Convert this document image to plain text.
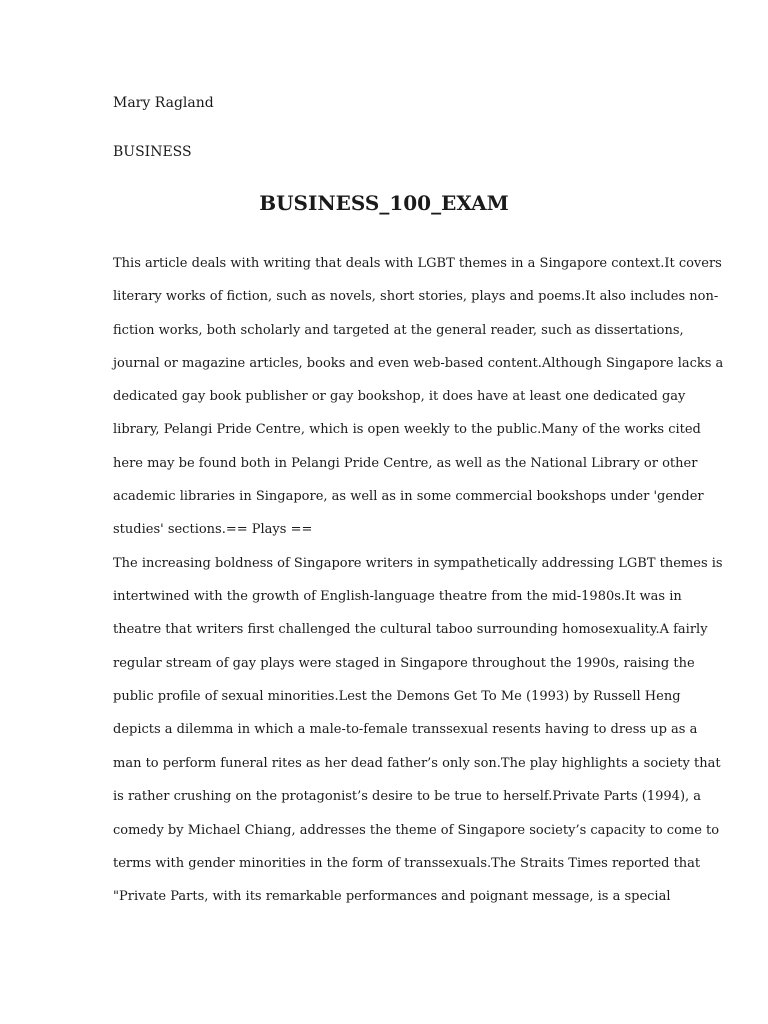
Mary Ragland
BUSINESS
BUSINESS_100_EXAM
This article deals with writing that deals with LGBT themes in a Singapore context.It covers
literary works of fiction, such as novels, short stories, plays and poems.It also includes non-
fiction works, both scholarly and targeted at the general reader, such as dissertations,
journal or magazine articles, books and even web-based content.Although Singapore lacks a
dedicated gay book publisher or gay bookshop, it does have at least one dedicated gay
library, Pelangi Pride Centre, which is open weekly to the public.Many of the works cited
here may be found both in Pelangi Pride Centre, as well as the National Library or other
academic libraries in Singapore, as well as in some commercial bookshops under 'gender
studies' sections.== Plays ==
The increasing boldness of Singapore writers in sympathetically addressing LGBT themes is
intertwined with the growth of English-language theatre from the mid-1980s.It was in
theatre that writers first challenged the cultural taboo surrounding homosexuality.A fairly
regular stream of gay plays were staged in Singapore throughout the 1990s, raising the
public profile of sexual minorities.Lest the Demons Get To Me (1993) by Russell Heng
depicts a dilemma in which a male-to-female transsexual resents having to dress up as a
man to perform funeral rites as her dead father’s only son.The play highlights a society that
is rather crushing on the protagonist’s desire to be true to herself.Private Parts (1994), a
comedy by Michael Chiang, addresses the theme of Singapore society’s capacity to come to
terms with gender minorities in the form of transsexuals.The Straits Times reported that
"Private Parts, with its remarkable performances and poignant message, is a special
